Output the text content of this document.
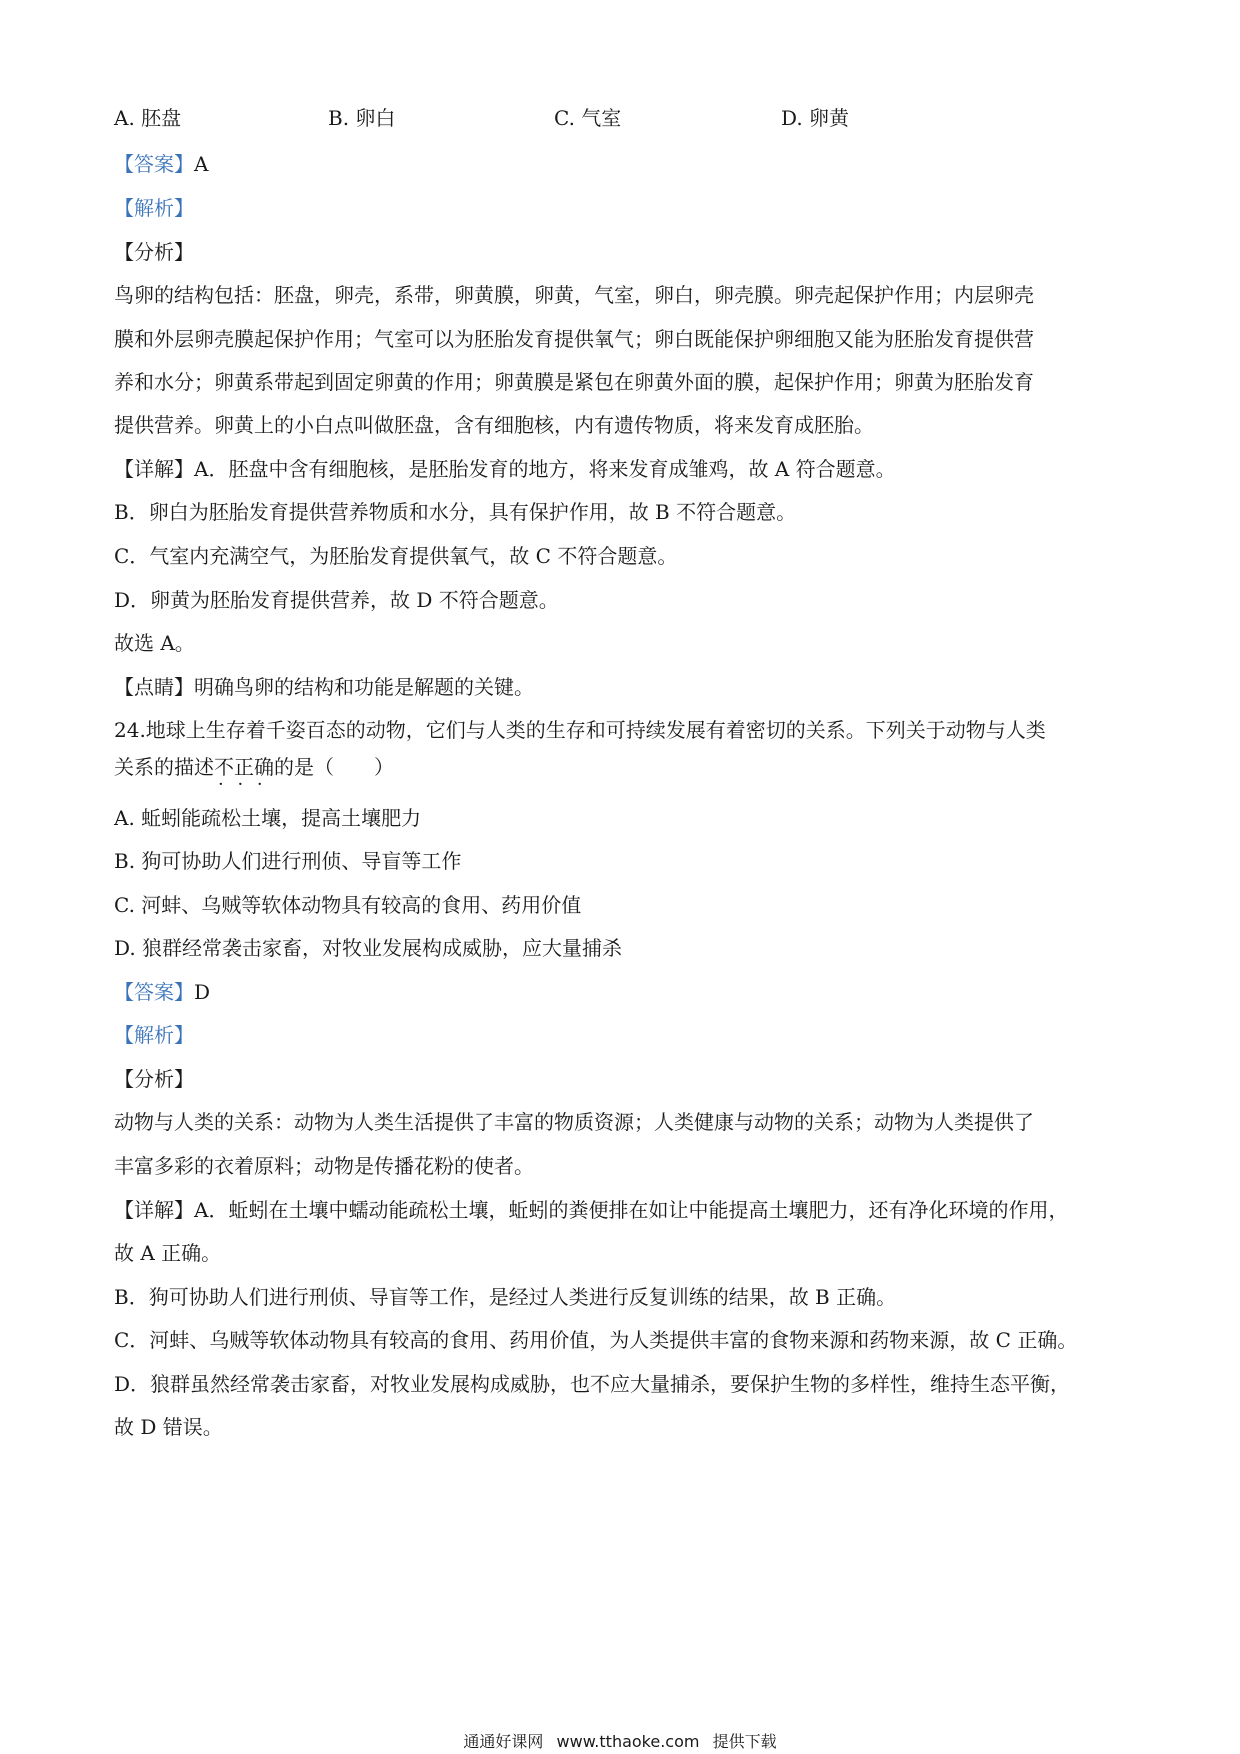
A. 胚盘	B. 卵白	C. 气室	D. 卵黄
【答案】A
【解析】
【分析】
鸟卵的结构包括：胚盘，卵壳，系带，卵黄膜，卵黄，气室，卵白，卵壳膜。卵壳起保护作用；内层卵壳
膜和外层卵壳膜起保护作用；气室可以为胚胎发育提供氧气；卵白既能保护卵细胞又能为胚胎发育提供营
养和水分；卵黄系带起到固定卵黄的作用；卵黄膜是紧包在卵黄外面的膜，起保护作用；卵黄为胚胎发育
提供营养。卵黄上的小白点叫做胚盘，含有细胞核，内有遗传物质，将来发育成胚胎。
【详解】A．胚盘中含有细胞核，是胚胎发育的地方，将来发育成雏鸡，故 A 符合题意。
B．卵白为胚胎发育提供营养物质和水分，具有保护作用，故 B 不符合题意。
C．气室内充满空气，为胚胎发育提供氧气，故 C 不符合题意。
D．卵黄为胚胎发育提供营养，故 D 不符合题意。
故选 A。
【点睛】明确鸟卵的结构和功能是解题的关键。
24.地球上生存着千姿百态的动物，它们与人类的生存和可持续发展有着密切的关系。下列关于动物与人类
关系的描述不正确 · · ·的是（　　）
A. 蚯蚓能疏松土壤，提高土壤肥力
B. 狗可协助人们进行刑侦、导盲等工作
C. 河蚌、乌贼等软体动物具有较高的食用、药用价值
D. 狼群经常袭击家畜，对牧业发展构成威胁，应大量捕杀
【答案】D
【解析】
【分析】
动物与人类的关系：动物为人类生活提供了丰富的物质资源；人类健康与动物的关系；动物为人类提供了
丰富多彩的衣着原料；动物是传播花粉的使者。
【详解】A．蚯蚓在土壤中蠕动能疏松土壤，蚯蚓的粪便排在如让中能提高土壤肥力，还有净化环境的作用，
故 A 正确。
B．狗可协助人们进行刑侦、导盲等工作，是经过人类进行反复训练的结果，故 B 正确。
C．河蚌、乌贼等软体动物具有较高的食用、药用价值，为人类提供丰富的食物来源和药物来源，故 C 正确。
D．狼群虽然经常袭击家畜，对牧业发展构成威胁，也不应大量捕杀，要保护生物的多样性，维持生态平衡，
故 D 错误。
通通好课网 www.tthaoke.com 提供下载
